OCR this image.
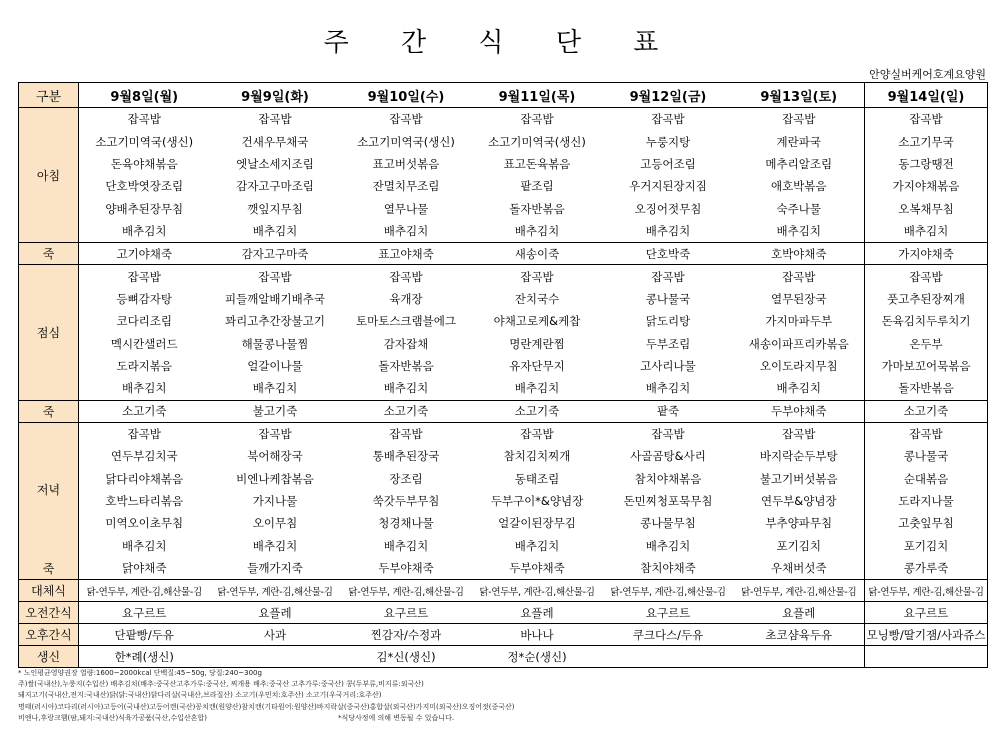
주 간 식 단 표
안양실버케어호계요양원
구분	9월8일(월)	9월9일(화)	9월10일(수)	9월11일(목)	9월12일(금)	9월13일(토)	9월14일(일)
아침	잡곡밥	잡곡밥	잡곡밥	잡곡밥	잡곡밥	잡곡밥	잡곡밥
	소고기미역국(생신)	건새우무채국	소고기미역국(생신)	소고기미역국(생신)	누룽지탕	계란파국	소고기무국
	돈육야채볶음	엣날소세지조림	표고버섯볶음	표고돈육볶음	고등어조림	메추리알조림	동그랑땡전
	단호박엿장조림	감자고구마조림	잔멸치무조림	팥조림	우거지된장지짐	애호박볶음	가지야채볶음
	양배추된장무침	깻잎지무침	열무나물	돌자반볶음	오징어젓무침	숙주나물	오복채무침
	배추김치	배추김치	배추김치	배추김치	배추김치	배추김치	배추김치
죽	고기야채죽	감자고구마죽	표고야채죽	새송이죽	단호박죽	호박야채죽	가지야채죽
점심	잡곡밥	잡곡밥	잡곡밥	잡곡밥	잡곡밥	잡곡밥	잡곡밥
	등뼈감자탕	피들깨알배기배추국	육개장	잔치국수	콩나물국	열무된장국	풋고추된장찌개
	코다리조림	꽈리고추간장불고기	토마토스크램블에그	야채고로케&케찹	닭도리탕	가지마파두부	돈육김치두루치기
	멕시칸샐러드	해물콩나물찜	감자잡채	명란계란찜	두부조림	새송이파프리카볶음	온두부
	도라지볶음	얼갈이나물	돌자반볶음	유자단무지	고사리나물	오이도라지무침	가마보꼬어묵볶음
	배추김치	배추김치	배추김치	배추김치	배추김치	배추김치	돌자반볶음
죽	소고기죽	불고기죽	소고기죽	소고기죽	팥죽	두부야채죽	소고기죽
저녁	잡곡밥	잡곡밥	잡곡밥	잡곡밥	잡곡밥	잡곡밥	잡곡밥
	연두부김치국	북어해장국	통배추된장국	참치김치찌개	사골곰탕&사리	바지락순두부탕	콩나물국
	닭다리야채볶음	비엔나케찹볶음	장조림	동태조림	참치야채볶음	불고기버섯볶음	순대볶음
	호박느타리볶음	가지나물	쑥갓두부무침	두부구이*&양념장	돈민찌청포묵무침	연두부&양념장	도라지나물
	미역오이초무침	오이무침	청경채나물	얼갈이된장무김	콩나물무침	부추양파무침	고춧잎무침
	배추김치	배추김치	배추김치	배추김치	배추김치	포기김치	포기김치
죽	닭야채죽	들깨가지죽	두부야채죽	두부야채죽	참치야채죽	우채버섯죽	콩가루죽
대체식	닭-연두부, 계란-김,해산물-김	닭-연두부, 계란-김,해산물-김	닭-연두부, 계란-김,해산물-김	닭-연두부, 계란-김,해산물-김	닭-연두부, 계란-김,해산물-김	닭-연두부, 계란-김,해산물-김	닭-연두부, 계란-김,해산물-김
오전간식	요구르트	요플레	요구르트	요플레	요구르트	요플레	요구르트
오후간식	단팥빵/두유	사과	찐감자/수정과	바나나	쿠크다스/두유	초코샴육두유	모닝빵/딸기잼/사과쥬스
생신	한*례(생신)		김*신(생신)	정*순(생신)			
* 노인평균영양권장 열량:1600~2000kcal 단백질:45~50g, 당질:240~300g
주)쌀(국내산),누룽지(수입산) 배추김치(배추:중국산고추가루:중국산, 찌개용 배추:중국산 고추가루:중국산) 콩(두부류,비지류:외국산)
돼지고기(국내산,전지:국내산)닭(닭:국내산)닭다리살(국내산,브라질산) 소고기(우민치:호주산) 소고기(우국거리:호주산)
명태(러시아)코다리(러시아)고등어(국내산)고등어캔(국산)꽁치캔(원양산)참치캔(기타원어:원양산)바지락살(중국산)홍합살(외국산)가지미(외국산)오징어젓(중국산)
비엔나,후랑크햄(팜,돼지:국내산)식육가공품(국산,수입산혼합)	*식당사정에 의해 변동될 수 있습니다.
